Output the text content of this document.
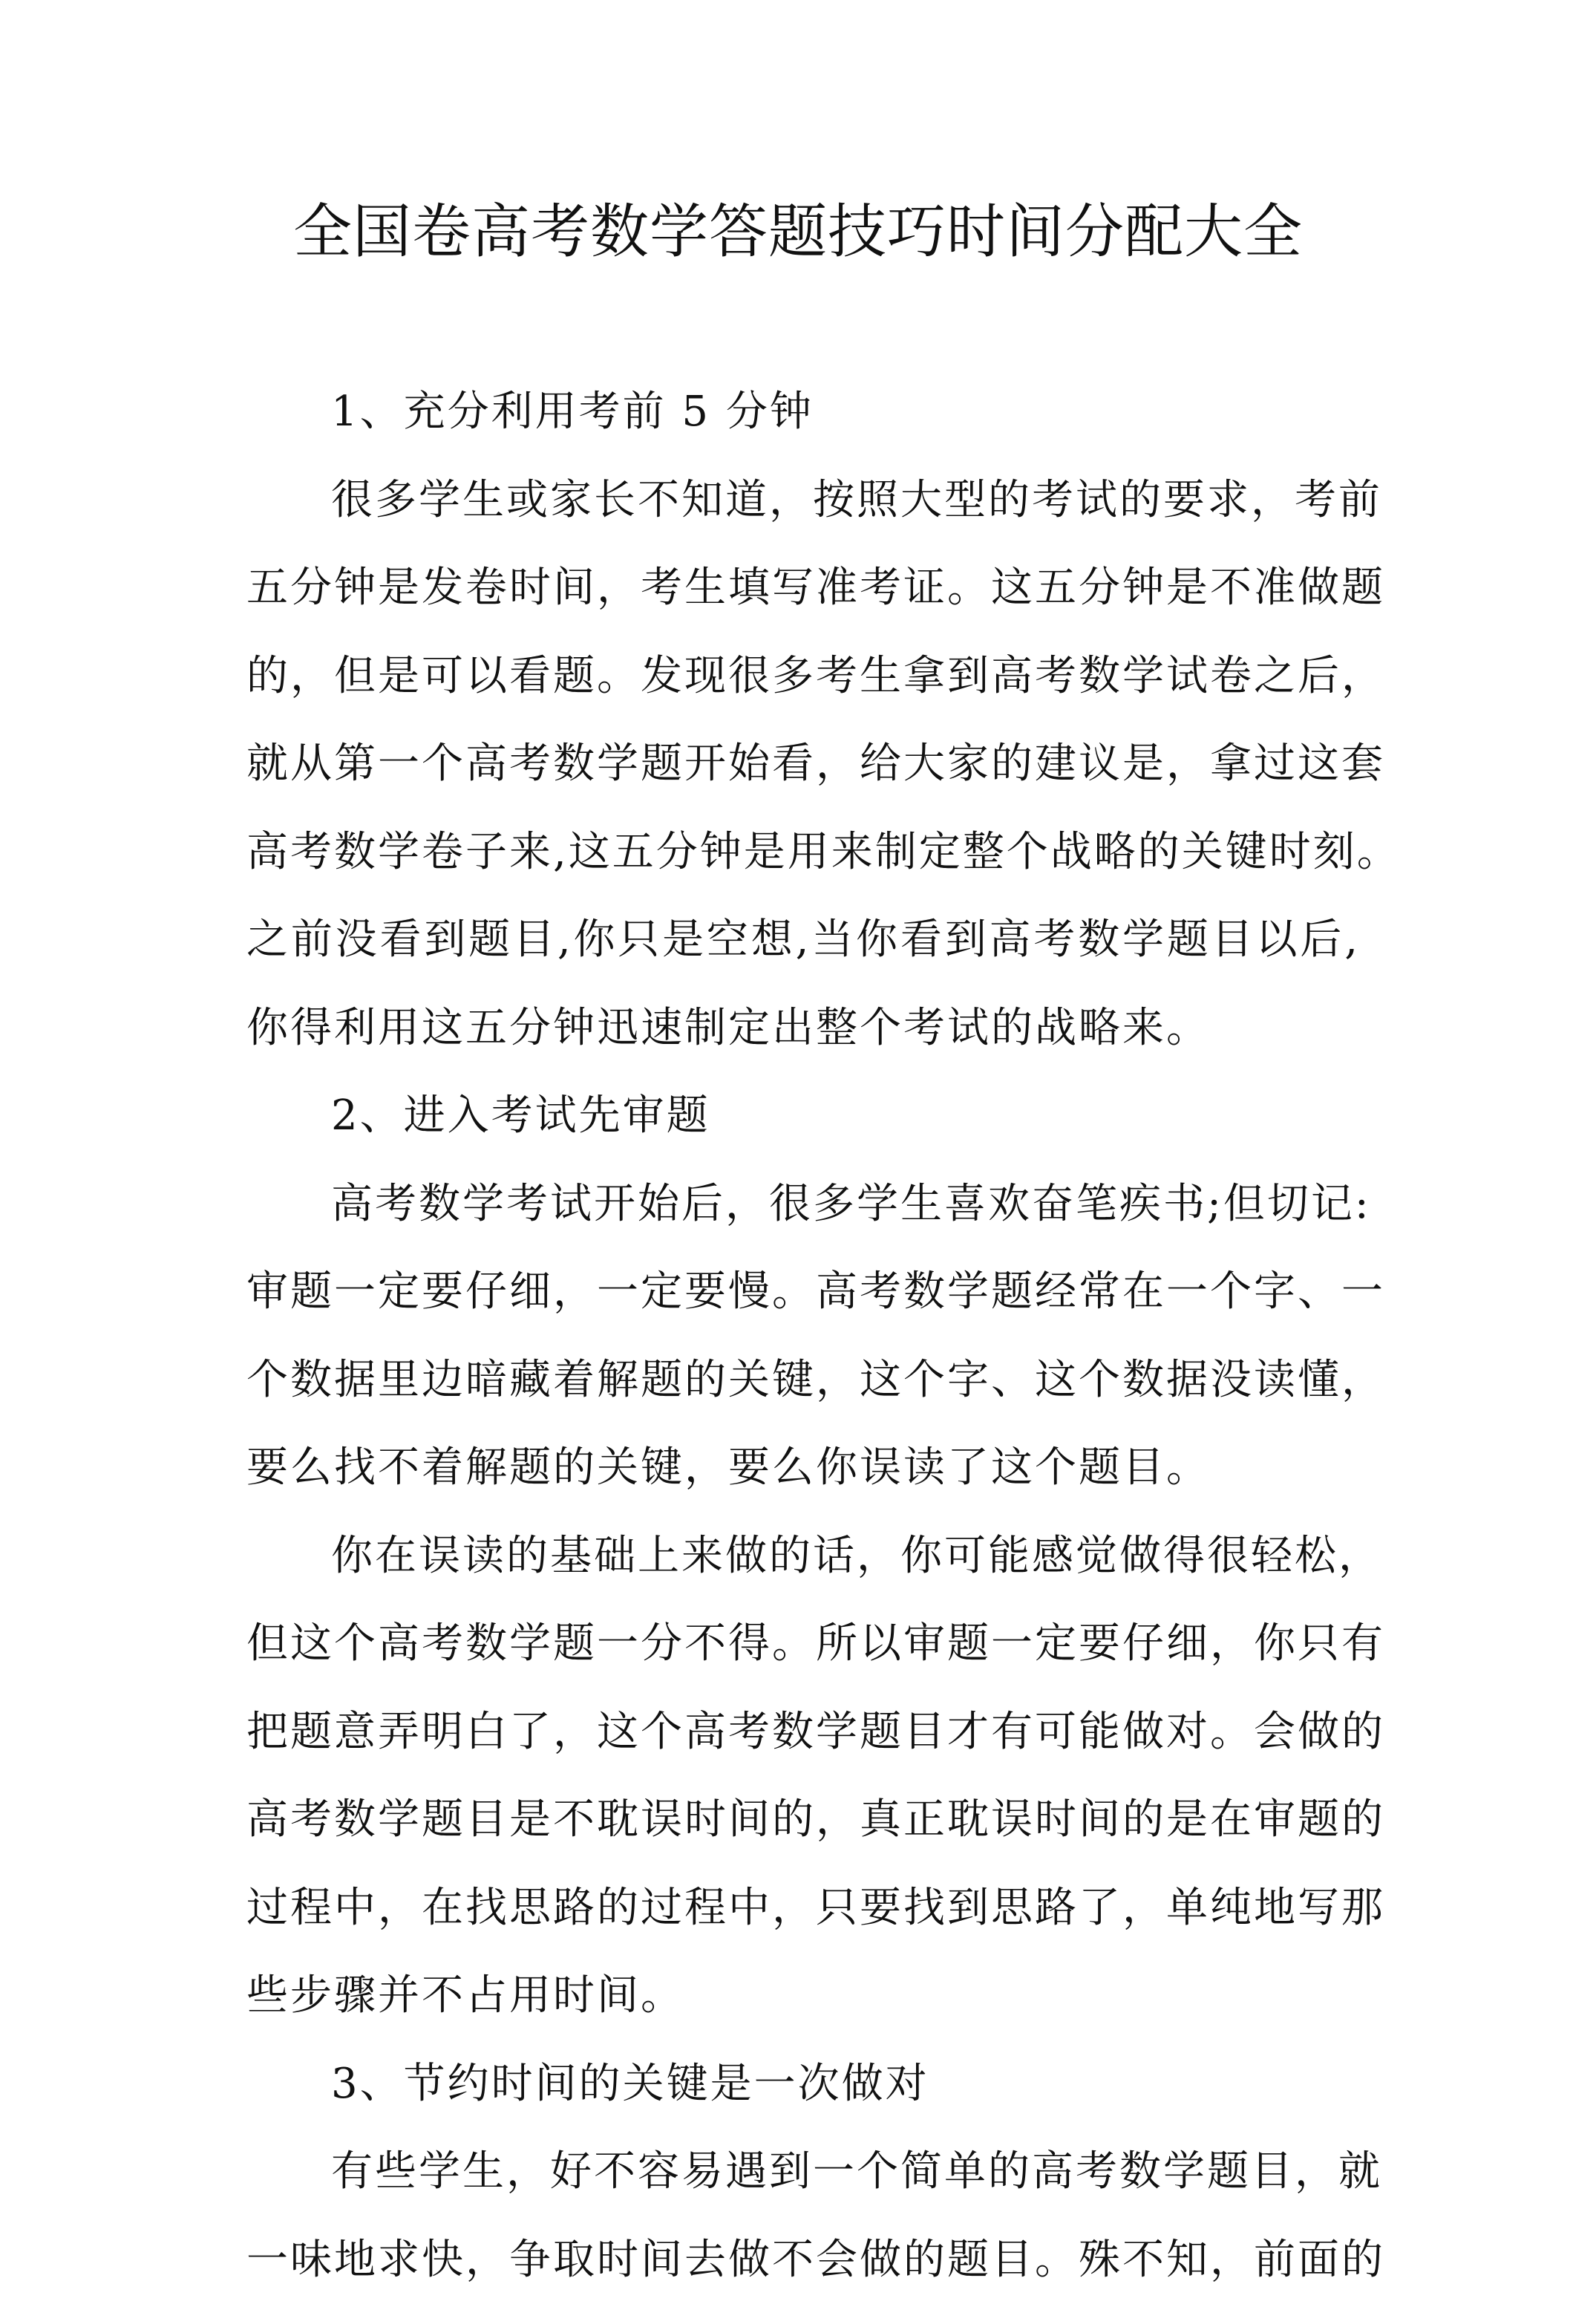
全国卷高考数学答题技巧时间分配大全
1、充分利用考前 5 分钟
很多学生或家长不知道，按照大型的考试的要求，考前
五分钟是发卷时间，考生填写准考证。这五分钟是不准做题
的，但是可以看题。发现很多考生拿到高考数学试卷之后，
就从第一个高考数学题开始看，给大家的建议是，拿过这套
高考数学卷子来,这五分钟是用来制定整个战略的关键时刻。
之前没看到题目,你只是空想,当你看到高考数学题目以后,
你得利用这五分钟迅速制定出整个考试的战略来。
2、进入考试先审题
高考数学考试开始后，很多学生喜欢奋笔疾书;但切记:
审题一定要仔细，一定要慢。高考数学题经常在一个字、一
个数据里边暗藏着解题的关键，这个字、这个数据没读懂，
要么找不着解题的关键，要么你误读了这个题目。
你在误读的基础上来做的话，你可能感觉做得很轻松，
但这个高考数学题一分不得。所以审题一定要仔细，你只有
把题意弄明白了，这个高考数学题目才有可能做对。会做的
高考数学题目是不耽误时间的，真正耽误时间的是在审题的
过程中，在找思路的过程中，只要找到思路了，单纯地写那
些步骤并不占用时间。
3、节约时间的关键是一次做对
有些学生，好不容易遇到一个简单的高考数学题目，就
一味地求快，争取时间去做不会做的题目。殊不知，前面的
